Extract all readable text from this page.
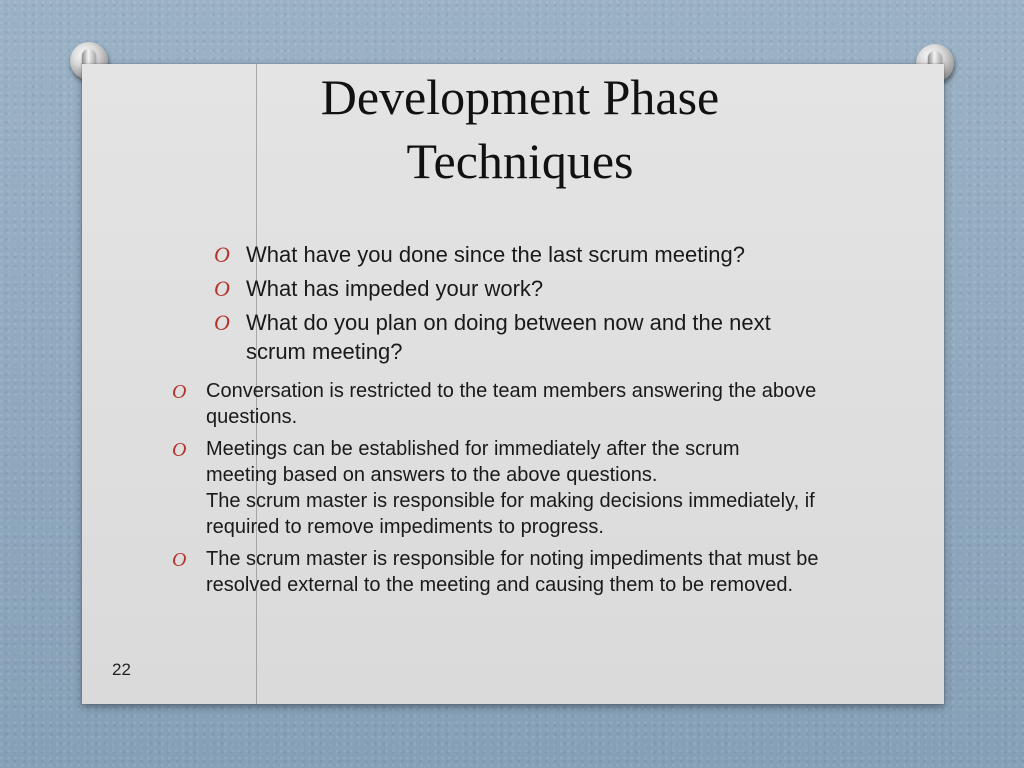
Development Phase
Techniques
O What have you done since the last scrum meeting?
O What has impeded your work?
O What do you plan on doing between now and the next scrum meeting?
O Conversation is restricted to the team members answering the above questions.
O Meetings can be established for immediately after the scrum meeting based on answers to the above questions.
The scrum master is responsible for making decisions immediately, if required to remove impediments to progress.
O The scrum master is responsible for noting impediments that must be resolved external to the meeting and causing them to be removed.
22
